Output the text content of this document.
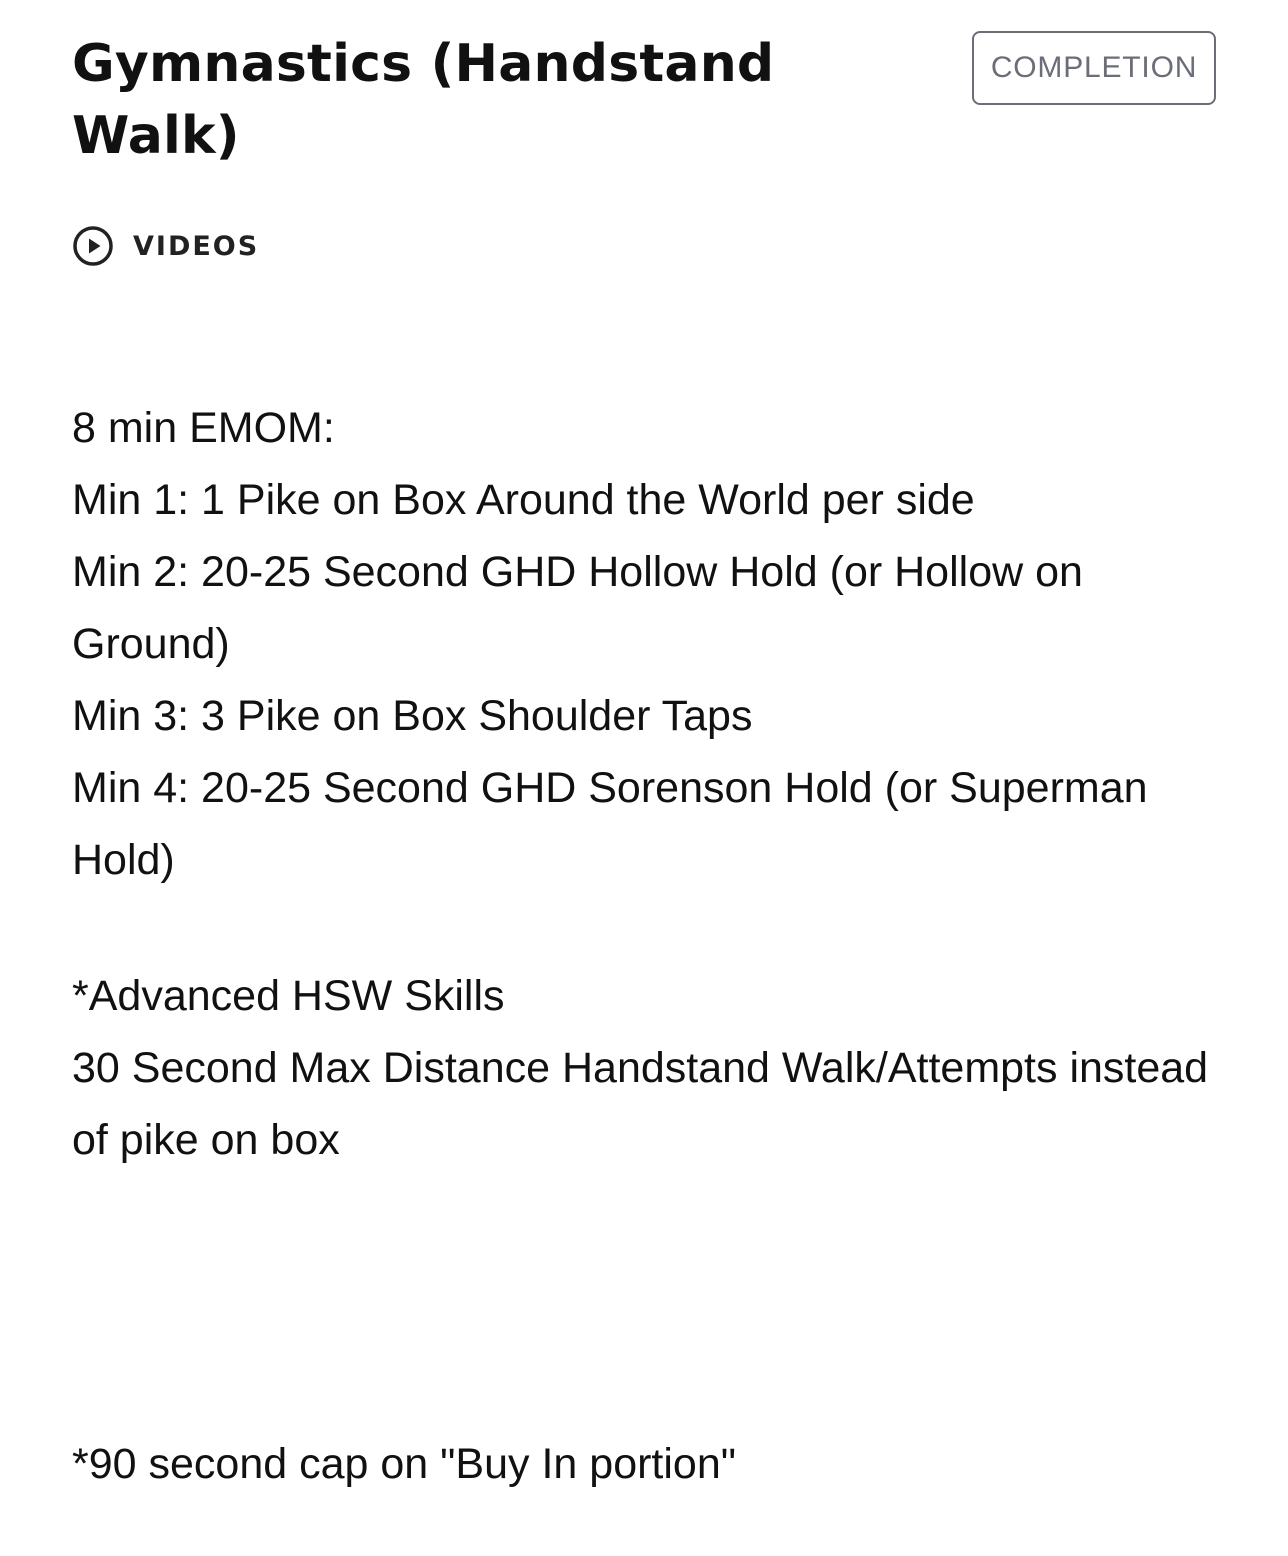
Gymnastics (Handstand Walk)
COMPLETION
VIDEOS

8 min EMOM:

Min 1: 1 Pike on Box Around the World per side

Min 2: 20-25 Second GHD Hollow Hold (or Hollow on Ground)

Min 3: 3 Pike on Box Shoulder Taps

Min 4: 20-25 Second GHD Sorenson Hold (or Superman Hold)

*Advanced HSW Skills

30 Second Max Distance Handstand Walk/Attempts instead of pike on box

*90 second cap on "Buy In portion"
